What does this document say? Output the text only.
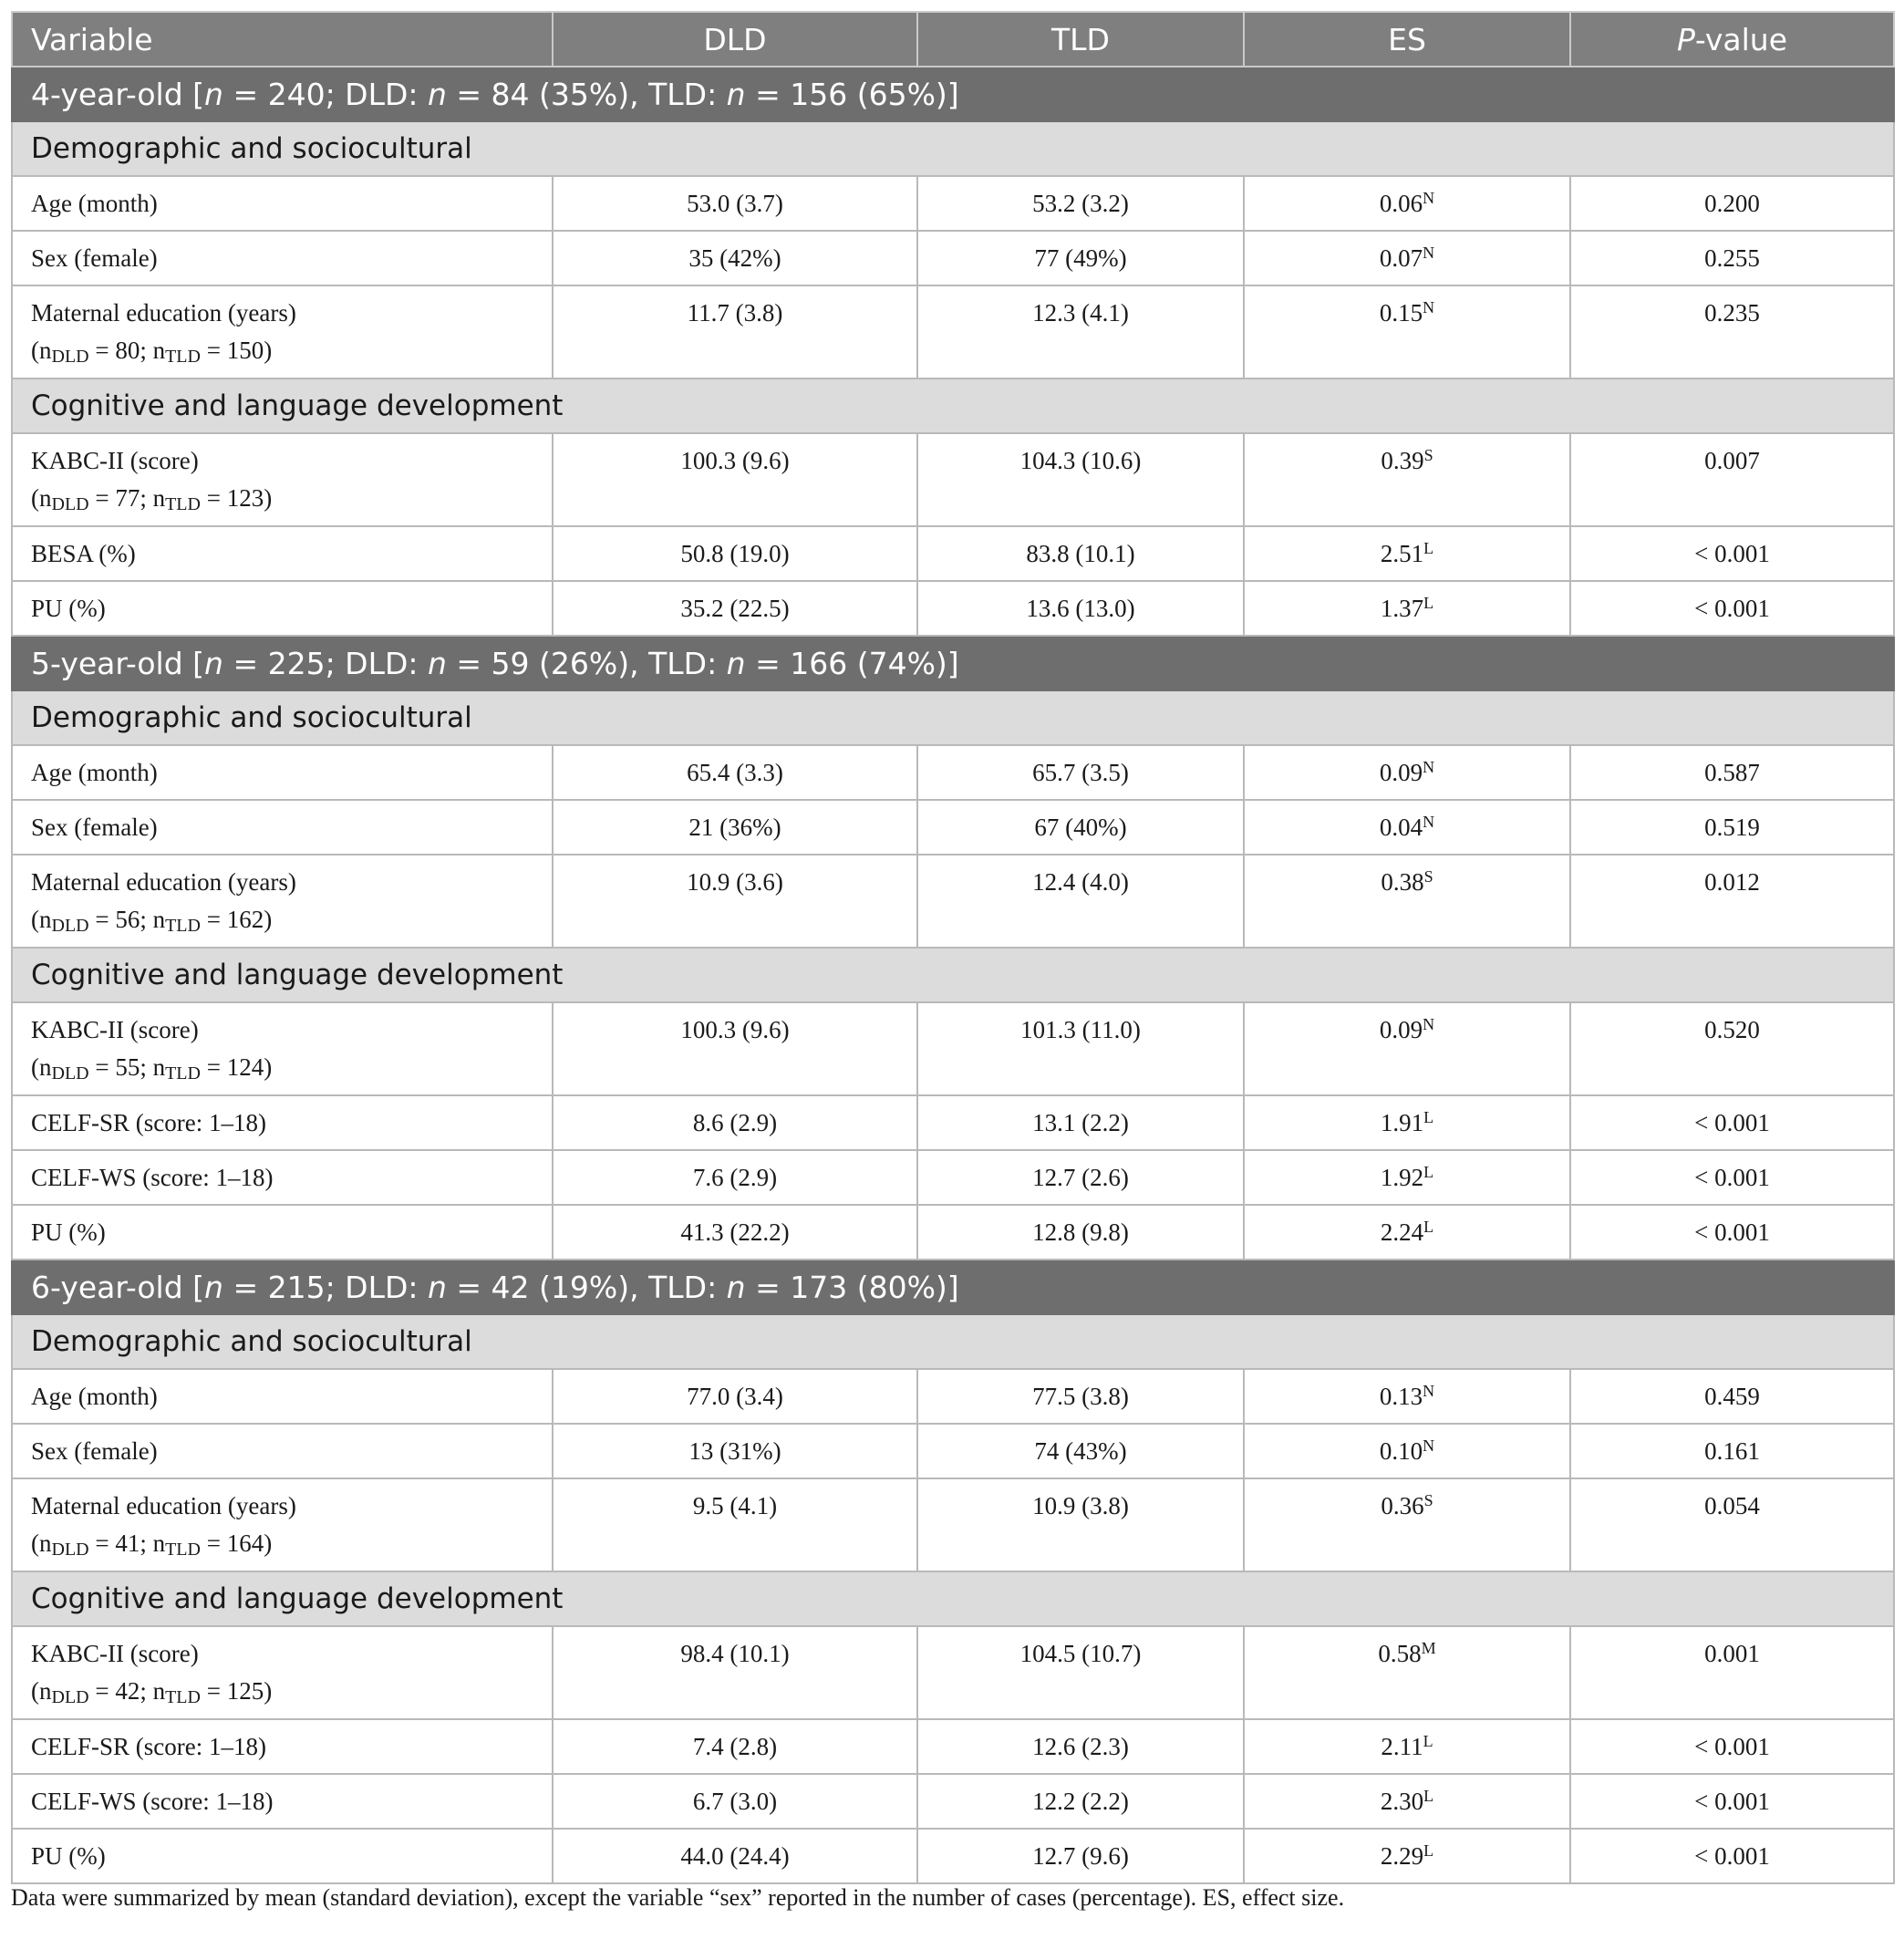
Variable	DLD	TLD	ES	P-value
4-year-old [n = 240; DLD: n = 84 (35%), TLD: n = 156 (65%)]				
Demographic and sociocultural				
Age (month)	53.0 (3.7)	53.2 (3.2)	$0.06^N$	0.200
Sex (female)	35 (42%)	77 (49%)	$0.07^N$	0.255
Maternal education (years)
($n_{DLD} = 80$; $n_{TLD} = 150$)	11.7 (3.8)	12.3 (4.1)	$0.15^N$	0.235
Cognitive and language development				
KABC-II (score)
($n_{DLD} = 77$; $n_{TLD} = 123$)	100.3 (9.6)	104.3 (10.6)	$0.39^S$	0.007
BESA (%)	50.8 (19.0)	83.8 (10.1)	$2.51^L$	< 0.001
PU (%)	35.2 (22.5)	13.6 (13.0)	$1.37^L$	< 0.001
5-year-old [n = 225; DLD: n = 59 (26%), TLD: n = 166 (74%)]				
Demographic and sociocultural				
Age (month)	65.4 (3.3)	65.7 (3.5)	$0.09^N$	0.587
Sex (female)	21 (36%)	67 (40%)	$0.04^N$	0.519
Maternal education (years)
($n_{DLD} = 56$; $n_{TLD} = 162$)	10.9 (3.6)	12.4 (4.0)	$0.38^S$	0.012
Cognitive and language development				
KABC-II (score)
($n_{DLD} = 55$; $n_{TLD} = 124$)	100.3 (9.6)	101.3 (11.0)	$0.09^N$	0.520
CELF-SR (score: 1–18)	8.6 (2.9)	13.1 (2.2)	$1.91^L$	< 0.001
CELF-WS (score: 1–18)	7.6 (2.9)	12.7 (2.6)	$1.92^L$	< 0.001
PU (%)	41.3 (22.2)	12.8 (9.8)	$2.24^L$	< 0.001
6-year-old [n = 215; DLD: n = 42 (19%), TLD: n = 173 (80%)]				
Demographic and sociocultural				
Age (month)	77.0 (3.4)	77.5 (3.8)	$0.13^N$	0.459
Sex (female)	13 (31%)	74 (43%)	$0.10^N$	0.161
Maternal education (years)
($n_{DLD} = 41$; $n_{TLD} = 164$)	9.5 (4.1)	10.9 (3.8)	$0.36^S$	0.054
Cognitive and language development				
KABC-II (score)
($n_{DLD} = 42$; $n_{TLD} = 125$)	98.4 (10.1)	104.5 (10.7)	$0.58^M$	0.001
CELF-SR (score: 1–18)	7.4 (2.8)	12.6 (2.3)	$2.11^L$	< 0.001
CELF-WS (score: 1–18)	6.7 (3.0)	12.2 (2.2)	$2.30^L$	< 0.001
PU (%)	44.0 (24.4)	12.7 (9.6)	$2.29^L$	< 0.001
Data were summarized by mean (standard deviation), except the variable “sex” reported in the number of cases (percentage). ES, effect size.
